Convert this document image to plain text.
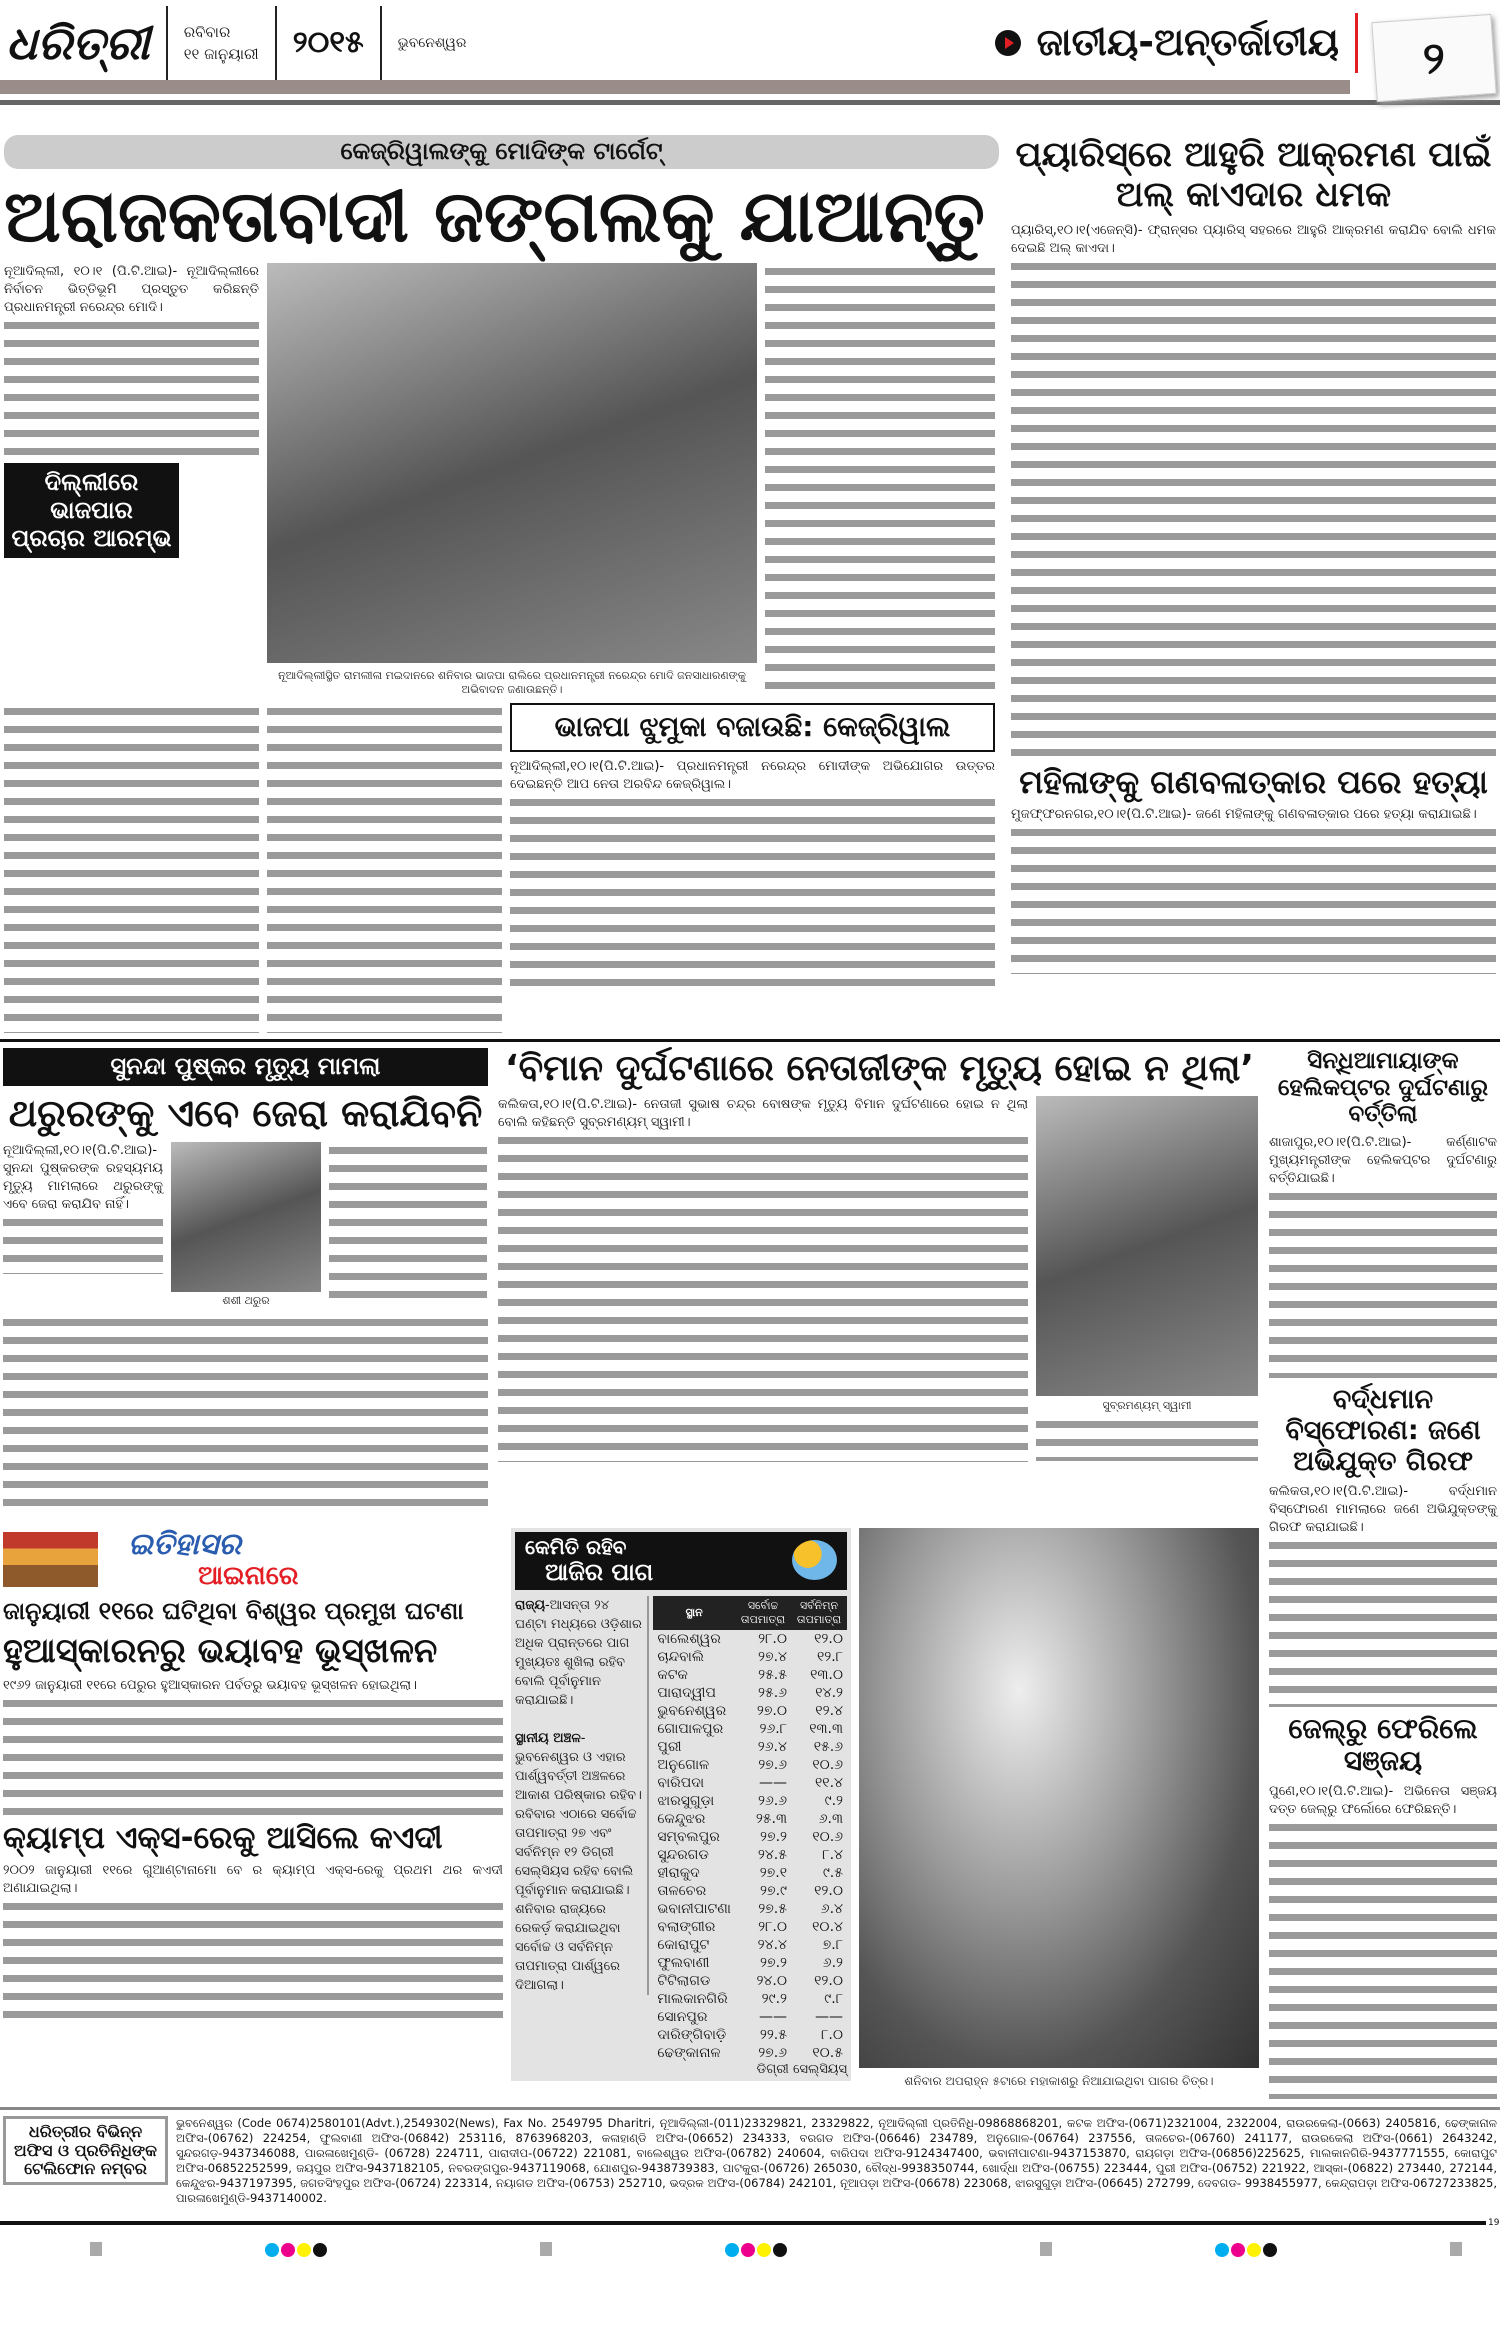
ଧରିତ୍ରୀ ରବିବାର
୧୧ ଜାନୁୟାରୀ ୨୦୧୫ ଭୁବନେଶ୍ୱର	ଜାତୀୟ-ଅନ୍ତର୍ଜାତୀୟ ୨
କେଜ୍ରିୱାଲଙ୍କୁ ମୋଦିଙ୍କ ଟାର୍ଗେଟ୍
ଅରାଜକତାବାଦୀ ଜଙ୍ଗଲକୁ ଯାଆନ୍ତୁ
ନୂଆଦିଲ୍ଲୀ, ୧୦।୧ (ପି.ଟି.ଆଇ)- ନୂଆଦିଲ୍ଲୀରେ ନିର୍ବାଚନ ଭିତ୍ତିଭୂମି ପ୍ରସ୍ତୁତ କରିଛନ୍ତି ପ୍ରଧାନମନ୍ତ୍ରୀ ନରେନ୍ଦ୍ର ମୋଦି।
ଦିଲ୍ଲୀରେ ଭାଜପାର ପ୍ରଚାର ଆରମ୍ଭ
ନୂଆଦିଲ୍ଲୀସ୍ଥିତ ରାମଲୀଳା ମଇଦାନରେ ଶନିବାର ଭାଜପା ରାଲିରେ ପ୍ରଧାନମନ୍ତ୍ରୀ ନରେନ୍ଦ୍ର ମୋଦି ଜନସାଧାରଣଙ୍କୁ ଅଭିବାଦନ ଜଣାଉଛନ୍ତି।
ଭାଜପା ଝୁମୁକା ବଜାଉଛି: କେଜ୍ରିୱାଲ
ନୂଆଦିଲ୍ଲୀ,୧୦।୧(ପି.ଟି.ଆଇ)- ପ୍ରଧାନମନ୍ତ୍ରୀ ନରେନ୍ଦ୍ର ମୋଦୀଙ୍କ ଅଭିଯୋଗର ଉତ୍ତର ଦେଇଛନ୍ତି ଆପ ନେତା ଅରବିନ୍ଦ କେଜ୍ରିୱାଲ।
ପ୍ୟାରିସ୍‌ରେ ଆହୁରି ଆକ୍ରମଣ ପାଇଁ ଅଲ୍ କାଏଦାର ଧମକ
ପ୍ୟାରିସ୍,୧୦।୧(ଏଜେନ୍ସି)- ଫ୍ରାନ୍ସର ପ୍ୟାରିସ୍ ସହରରେ ଆହୁରି ଆକ୍ରମଣ କରାଯିବ ବୋଲି ଧମକ ଦେଇଛି ଅଲ୍ କାଏଦା।
ମହିଳାଙ୍କୁ ଗଣବଳାତ୍କାର ପରେ ହତ୍ୟା
ମୁଜଫ୍ଫରନଗର,୧୦।୧(ପି.ଟି.ଆଇ)- ଜଣେ ମହିଳାଙ୍କୁ ଗଣବଳାତ୍କାର ପରେ ହତ୍ୟା କରାଯାଇଛି।
ସୁନନ୍ଦା ପୁଷ୍କର ମୃତ୍ୟୁ ମାମଲା
ଥରୁରଙ୍କୁ ଏବେ ଜେରା କରାଯିବନି
ନୂଆଦିଲ୍ଲୀ,୧୦।୧(ପି.ଟି.ଆଇ)- ସୁନନ୍ଦା ପୁଷ୍କରଙ୍କ ରହସ୍ୟମୟ ମୃତ୍ୟୁ ମାମଲାରେ ଥରୁରଙ୍କୁ ଏବେ ଜେରା କରାଯିବ ନାହିଁ।
ଶଶୀ ଥରୁର
‘ବିମାନ ଦୁର୍ଘଟଣାରେ ନେତାଜୀଙ୍କ ମୃତ୍ୟୁ ହୋଇ ନ ଥିଲା’
କଲିକତା,୧୦।୧(ପି.ଟି.ଆଇ)- ନେତାଜୀ ସୁଭାଷ ଚନ୍ଦ୍ର ବୋଷଙ୍କ ମୃତ୍ୟୁ ବିମାନ ଦୁର୍ଘଟଣାରେ ହୋଇ ନ ଥିଲା ବୋଲି କହିଛନ୍ତି ସୁବ୍ରମଣ୍ୟମ୍ ସ୍ୱାମୀ।
ସୁବ୍ରମଣ୍ୟମ୍ ସ୍ୱାମୀ
ଇତିହାସର
ଆଇନାରେ
ଜାନୁୟାରୀ ୧୧ରେ ଘଟିଥିବା ବିଶ୍ୱର ପ୍ରମୁଖ ଘଟଣା
ହୁଆସ୍କାରନରୁ ଭୟାବହ ଭୂସ୍ଖଳନ
୧୯୬୨ ଜାନୁୟାରୀ ୧୧ରେ ପେରୁର ହୁଆସ୍କାରନ ପର୍ବତରୁ ଭୟାବହ ଭୂସ୍ଖଳନ ହୋଇଥିଲା।
କ୍ୟାମ୍ପ ଏକ୍ସ-ରେକୁ ଆସିଲେ କଏଦୀ
୨୦୦୨ ଜାନୁୟାରୀ ୧୧ରେ ଗୁଆଣ୍ଟାନାମୋ ବେ ର କ୍ୟାମ୍ପ ଏକ୍ସ-ରେକୁ ପ୍ରଥମ ଥର କଏଦୀ ଅଣାଯାଇଥିଲା।
କେମିତି ରହିବ
ଆଜିର ପାଗ
ରାଜ୍ୟ-ଆସନ୍ତା ୨୪ ଘଣ୍ଟା ମଧ୍ୟରେ ଓଡ଼ିଶାର ଅଧିକ ପ୍ରାନ୍ତରେ ପାଗ ମୁଖ୍ୟତଃ ଶୁଖିଲା ରହିବ ବୋଲି ପୂର୍ବାନୁମାନ କରାଯାଇଛି।

ସ୍ଥାନୀୟ ଅଞ୍ଚଳ-ଭୁବନେଶ୍ୱର ଓ ଏହାର ପାର୍ଶ୍ୱବର୍ତ୍ତୀ ଅଞ୍ଚଳରେ ଆକାଶ ପରିଷ୍କାର ରହିବ। ରବିବାର ଏଠାରେ ସର୍ବୋଚ୍ଚ ତାପମାତ୍ରା ୨୭ ଏବଂ ସର୍ବନିମ୍ନ ୧୨ ଡିଗ୍ରୀ ସେଲ୍‌ସିୟସ ରହିବ ବୋଲି ପୂର୍ବାନୁମାନ କରାଯାଇଛି। ଶନିବାର ରାଜ୍ୟରେ ରେକର୍ଡ଼ କରାଯାଇଥିବା ସର୍ବୋଚ୍ଚ ଓ ସର୍ବନିମ୍ନ ତାପମାତ୍ରା ପାର୍ଶ୍ୱରେ ଦିଆଗଲା।
ସ୍ଥାନ	ସର୍ବୋଚ୍ଚ ତାପମାତ୍ରା	ସର୍ବନିମ୍ନ ତାପମାତ୍ରା
ବାଲେଶ୍ୱର	୨୮.୦	୧୨.୦
ଚାନ୍ଦବାଲି	୨୭.୪	୧୨.୮
କଟକ	୨୫.୫	୧୩.୦
ପାରାଦ୍ୱୀପ	୨୫.୬	୧୪.୨
ଭୁବନେଶ୍ୱର	୨୭.୦	୧୨.୪
ଗୋପାଳପୁର	୨୬.୮	୧୩.୩
ପୁରୀ	୨୬.୪	୧୫.୬
ଅନୁଗୋଳ	୨୭.୬	୧୦.୬
ବାରିପଦା	——	୧୧.୪
ଝାରସୁଗୁଡ଼ା	୨୬.୬	୯.୨
କେନ୍ଦୁଝର	୨୫.୩	୬.୩
ସମ୍ବଲପୁର	୨୭.୨	୧୦.୬
ସୁନ୍ଦରଗଡ	୨୪.୫	୮.୪
ହୀରାକୁଦ	୨୭.୧	୯.୫
ତାଳଚେର	୨୭.୯	୧୨.୦
ଭବାନୀପାଟଣା	୨୭.୫	୬.୪
ବଲାଙ୍ଗୀର	୨୮.୦	୧୦.୪
କୋରାପୁଟ	୨୪.୪	୭.୮
ଫୁଲବାଣୀ	୨୭.୨	୬.୨
ଟିଟିଲାଗଡ	୨୪.୦	୧୨.୦
ମାଲକାନଗିରି	୨୯.୨	୯.୮
ସୋନପୁର	——	——
ଦାରିଙ୍ଗିବାଡ଼ି	୨୨.୫	୮.୦
ଢେଙ୍କାନାଳ	୨୭.୬	୧୦.୫
ଡିଗ୍ରୀ ସେଲ୍‌ସିୟସ୍
ଶନିବାର ଅପରାହ୍ନ ୫ଟାରେ ମହାକାଶରୁ ନିଆଯାଇଥିବା ପାଗର ଚିତ୍ର।
ସିନ୍ଧିଆମାୟାଙ୍କ ହେଲିକପ୍ଟର ଦୁର୍ଘଟଣାରୁ ବର୍ତ୍ତିଲା
ଶାଜାପୁର,୧୦।୧(ପି.ଟି.ଆଇ)- କର୍ଣ୍ଣାଟକ ମୁଖ୍ୟମନ୍ତ୍ରୀଙ୍କ ହେଲିକପ୍ଟର ଦୁର୍ଘଟଣାରୁ ବର୍ତ୍ତିଯାଇଛି।
ବର୍ଦ୍ଧମାନ ବିସ୍ଫୋରଣ: ଜଣେ ଅଭିଯୁକ୍ତ ଗିରଫ
କଲିକତା,୧୦।୧(ପି.ଟି.ଆଇ)- ବର୍ଦ୍ଧମାନ ବିସ୍ଫୋରଣ ମାମଲାରେ ଜଣେ ଅଭିଯୁକ୍ତଙ୍କୁ ଗିରଫ କରାଯାଇଛି।
ଜେଲ୍‌ରୁ ଫେରିଲେ ସଞ୍ଜୟ
ପୁଣେ,୧୦।୧(ପି.ଟି.ଆଇ)- ଅଭିନେତା ସଞ୍ଜୟ ଦତ୍ତ ଜେଲ୍‌ରୁ ଫର୍ଲୋରେ ଫେରିଛନ୍ତି।
ଧରିତ୍ରୀର ବିଭିନ୍ନ ଅଫିସ ଓ ପ୍ରତିନିଧିଙ୍କ ଟେଲିଫୋନ ନମ୍ବର
ଭୁବନେଶ୍ୱର (Code 0674)2580101(Advt.),2549302(News), Fax No. 2549795 Dharitri, ନୂଆଦିଲ୍ଲୀ-(011)23329821, 23329822, ନୂଆଦିଲ୍ଲୀ ପ୍ରତିନିଧି-09868868201, କଟକ ଅଫିସ-(0671)2321004, 2322004, ରାଉରକେଲା-(0663) 2405816, ଢେଙ୍କାନାଳ ଅଫିସ-(06762) 224254, ଫୁଲବାଣୀ ଅଫିସ-(06842) 253116, 8763968203, କଳାହାଣ୍ଡି ଅଫିସ-(06652) 234333, ବରଗଡ ଅଫିସ-(06646) 234789, ଅନୁଗୋଳ-(06764) 237556, ତାଳଚେର-(06760) 241177, ରାଉରକେଲା ଅଫିସ-(0661) 2643242, ସୁନ୍ଦରଗଡ଼-9437346088, ପାରଳାଖେମୁଣ୍ଡି- (06728) 224711, ପାରାଦୀପ-(06722) 221081, ବାଲେଶ୍ୱର ଅଫିସ-(06782) 240604, ବାରିପଦା ଅଫିସ-9124347400, ଭବାନୀପାଟଣା-9437153870, ରାୟଗଡ଼ା ଅଫିସ-(06856)225625, ମାଲକାନଗିରି-9437771555, କୋରାପୁଟ ଅଫିସ-06852252599, ଜୟପୁର ଅଫିସ-9437182105, ନବରଙ୍ଗପୁର-9437119068, ଯୋଶପୁର-9438739383, ପାଟକୁରା-(06726) 265030, ବୌଦ୍ଧ-9938350744, ଖୋର୍ଦ୍ଧା ଅଫିସ-(06755) 223444, ପୁରୀ ଅଫିସ-(06752) 221922, ଆସ୍କା-(06822) 273440, 272144, କେନ୍ଦୁଝର-9437197395, ଜଗତସିଂହପୁର ଅଫିସ-(06724) 223314, ନୟାଗଡ ଅଫିସ-(06753) 252710, ଭଦ୍ରକ ଅଫିସ-(06784) 242101, ନୂଆପଡ଼ା ଅଫିସ-(06678) 223068, ଝାରସୁଗୁଡ଼ା ଅଫିସ-(06645) 272799, ଦେବଗଡ- 9938455977, କେନ୍ଦ୍ରାପଡ଼ା ଅଫିସ-06727233825, ପାରଳାଖେମୁଣ୍ଡି-9437140002.
19
